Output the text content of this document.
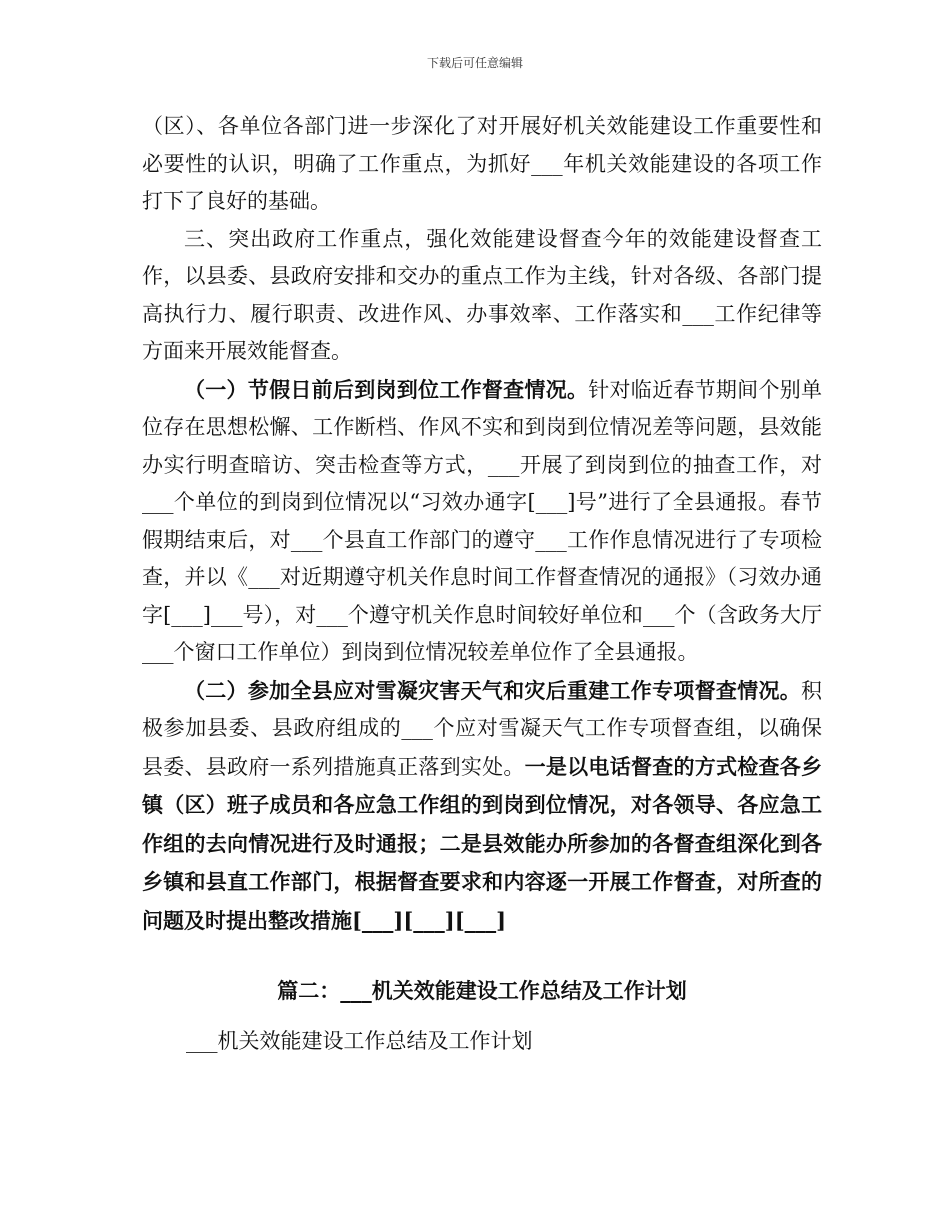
下载后可任意编辑

（区）、各单位各部门进一步深化了对开展好机关效能建设工作重要性和必要性的认识，明确了工作重点，为抓好___年机关效能建设的各项工作打下了良好的基础。

三、突出政府工作重点，强化效能建设督查今年的效能建设督查工作，以县委、县政府安排和交办的重点工作为主线，针对各级、各部门提高执行力、履行职责、改进作风、办事效率、工作落实和___工作纪律等方面来开展效能督查。

（一）节假日前后到岗到位工作督查情况。针对临近春节期间个别单位存在思想松懈、工作断档、作风不实和到岗到位情况差等问题，县效能办实行明查暗访、突击检查等方式，___开展了到岗到位的抽查工作，对___个单位的到岗到位情况以“习效办通字[___]号”进行了全县通报。春节假期结束后，对___个县直工作部门的遵守___工作作息情况进行了专项检查，并以《___对近期遵守机关作息时间工作督查情况的通报》（习效办通字[___]___号），对___个遵守机关作息时间较好单位和___个（含政务大厅___个窗口工作单位）到岗到位情况较差单位作了全县通报。

（二）参加全县应对雪凝灾害天气和灾后重建工作专项督查情况。积极参加县委、县政府组成的___个应对雪凝天气工作专项督查组，以确保县委、县政府一系列措施真正落到实处。一是以电话督查的方式检查各乡镇（区）班子成员和各应急工作组的到岗到位情况，对各领导、各应急工作组的去向情况进行及时通报；二是县效能办所参加的各督查组深化到各乡镇和县直工作部门，根据督查要求和内容逐一开展工作督查，对所查的问题及时提出整改措施[___][___][___]

篇二：___机关效能建设工作总结及工作计划

___机关效能建设工作总结及工作计划
